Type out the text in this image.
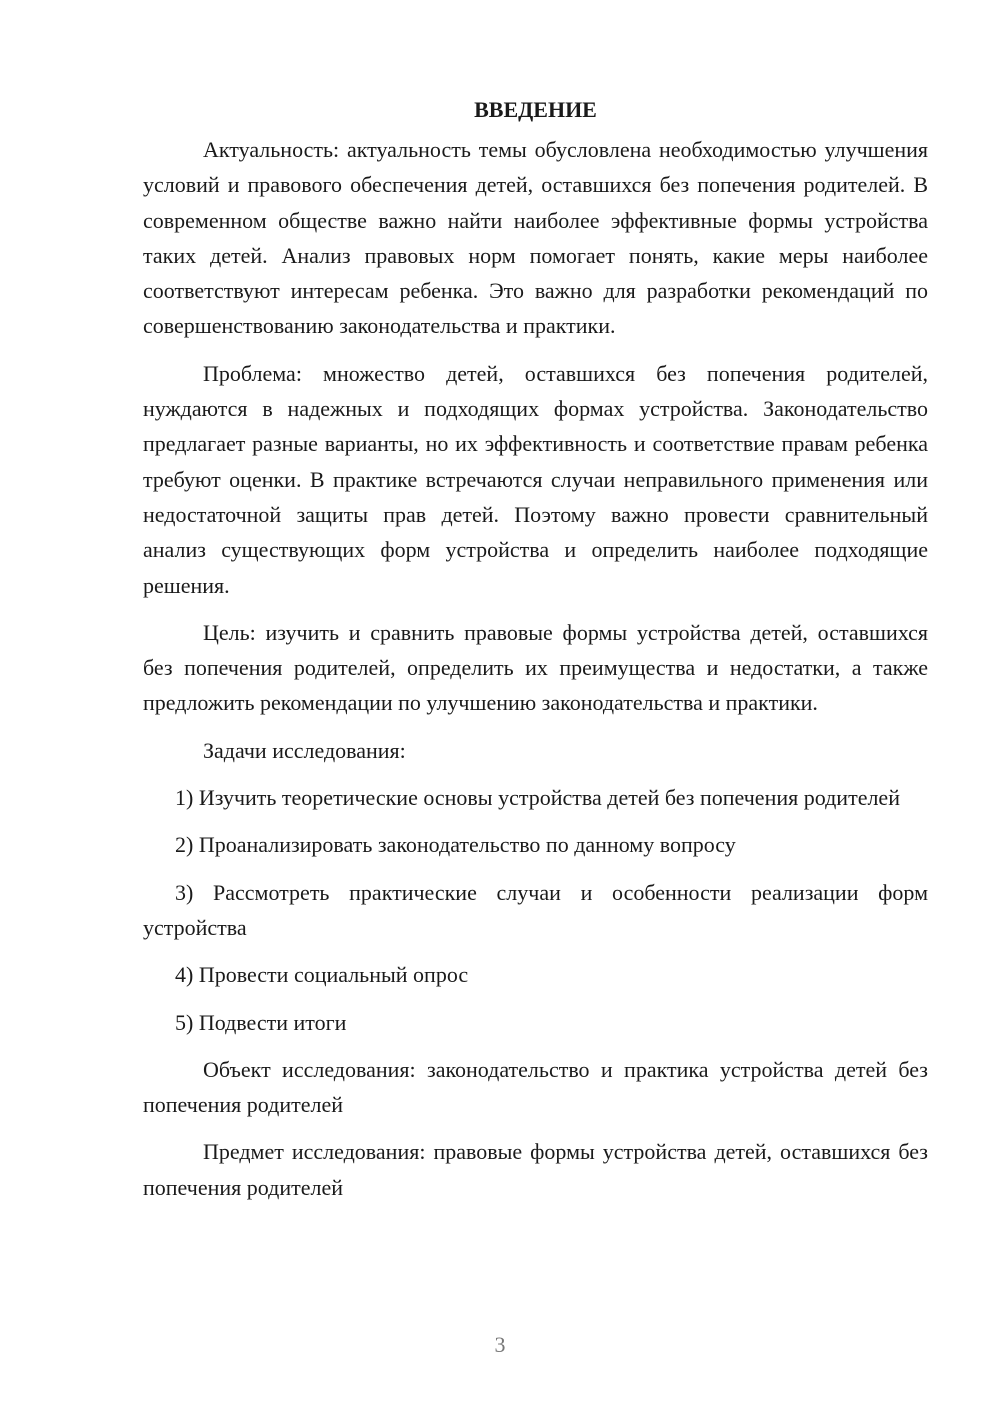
ВВЕДЕНИЕ

Актуальность: актуальность темы обусловлена необходимостью улучшения условий и правового обеспечения детей, оставшихся без попечения родителей. В современном обществе важно найти наиболее эффективные формы устройства таких детей. Анализ правовых норм помогает понять, какие меры наиболее соответствуют интересам ребенка. Это важно для разработки рекомендаций по совершенствованию законодательства и практики.

Проблема: множество детей, оставшихся без попечения родителей, нуждаются в надежных и подходящих формах устройства. Законодательство предлагает разные варианты, но их эффективность и соответствие правам ребенка требуют оценки. В практике встречаются случаи неправильного применения или недостаточной защиты прав детей. Поэтому важно провести сравнительный анализ существующих форм устройства и определить наиболее подходящие решения.

Цель: изучить и сравнить правовые формы устройства детей, оставшихся без попечения родителей, определить их преимущества и недостатки, а также предложить рекомендации по улучшению законодательства и практики.

Задачи исследования:

1) Изучить теоретические основы устройства детей без попечения родителей

2) Проанализировать законодательство по данному вопросу

3) Рассмотреть практические случаи и особенности реализации форм устройства

4) Провести социальный опрос

5) Подвести итоги

Объект исследования: законодательство и практика устройства детей без попечения родителей

Предмет исследования: правовые формы устройства детей, оставшихся без попечения родителей

3
